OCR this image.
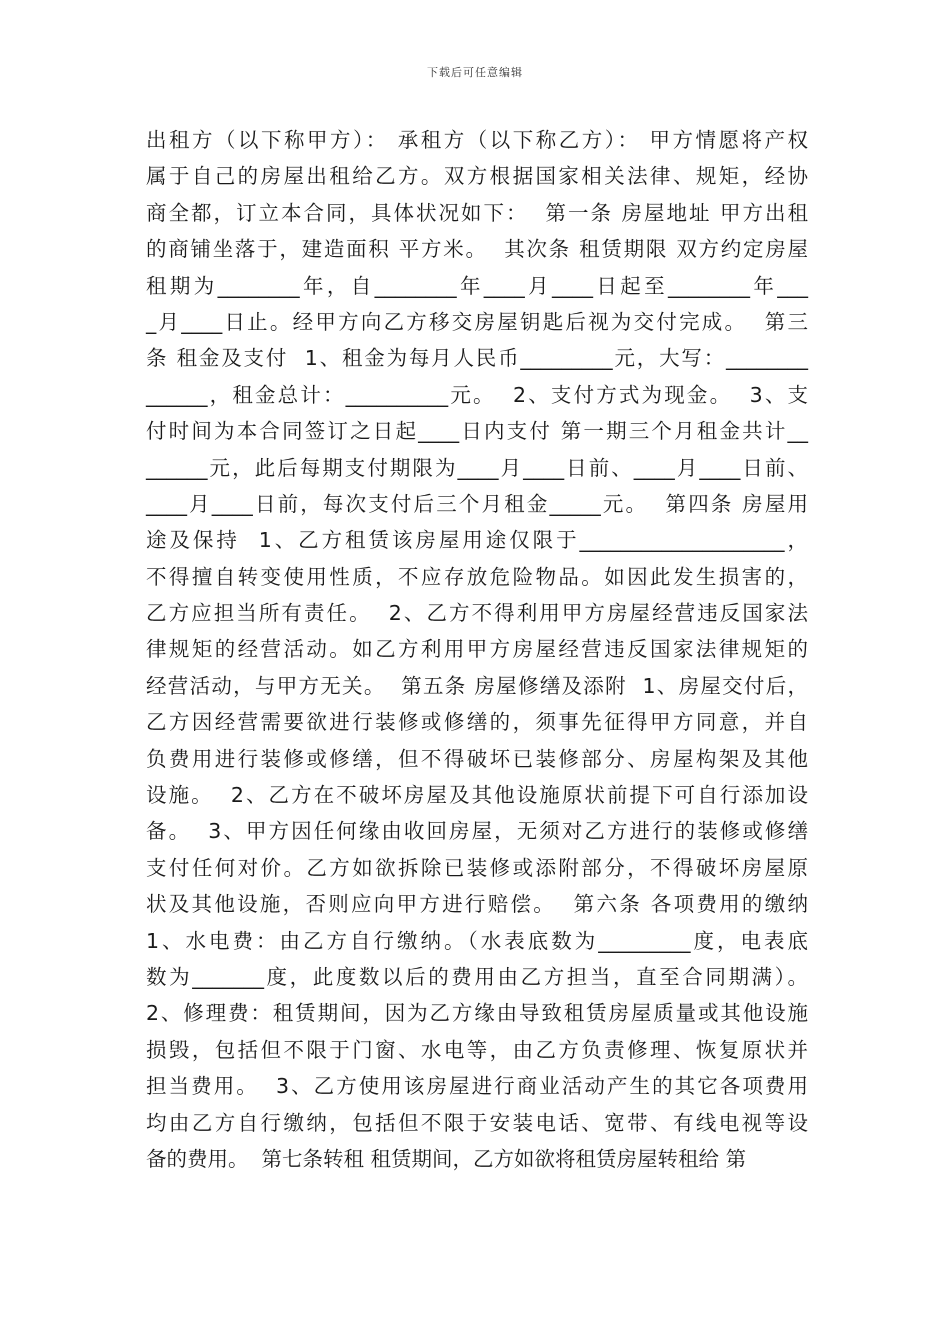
下载后可任意编辑
出租方（以下称甲方）： 承租方（以下称乙方）： 甲方情愿将产权
属于自己的房屋出租给乙方。双方根据国家相关法律、规矩，经协
商全都，订立本合同，具体状况如下：  第一条 房屋地址 甲方出租
的商铺坐落于，建造面积 平方米。  其次条 租赁期限 双方约定房屋
租期为________年，自________年____月____日起至________年___
_月____日止。经甲方向乙方移交房屋钥匙后视为交付完成。  第三
条 租金及支付  1、租金为每月人民币_________元，大写：________
______，租金总计：__________元。  2、支付方式为现金。  3、支
付时间为本合同签订之日起____日内支付 第一期三个月租金共计__
______元，此后每期支付期限为____月____日前、____月____日前、
____月____日前，每次支付后三个月租金_____元。  第四条 房屋用
途及保持  1、乙方租赁该房屋用途仅限于____________________，
不得擅自转变使用性质，不应存放危险物品。如因此发生损害的，
乙方应担当所有责任。  2、乙方不得利用甲方房屋经营违反国家法
律规矩的经营活动。如乙方利用甲方房屋经营违反国家法律规矩的
经营活动，与甲方无关。  第五条 房屋修缮及添附  1、房屋交付后，
乙方因经营需要欲进行装修或修缮的，须事先征得甲方同意，并自
负费用进行装修或修缮，但不得破坏已装修部分、房屋构架及其他
设施。  2、乙方在不破坏房屋及其他设施原状前提下可自行添加设
备。  3、甲方因任何缘由收回房屋，无须对乙方进行的装修或修缮
支付任何对价。乙方如欲拆除已装修或添附部分，不得破坏房屋原
状及其他设施，否则应向甲方进行赔偿。  第六条 各项费用的缴纳
1、水电费：由乙方自行缴纳。（水表底数为_________度，电表底
数为_______度，此度数以后的费用由乙方担当，直至合同期满）。
2、修理费：租赁期间，因为乙方缘由导致租赁房屋质量或其他设施
损毁，包括但不限于门窗、水电等，由乙方负责修理、恢复原状并
担当费用。  3、乙方使用该房屋进行商业活动产生的其它各项费用
均由乙方自行缴纳，包括但不限于安装电话、宽带、有线电视等设
备的费用。  第七条转租 租赁期间，乙方如欲将租赁房屋转租给 第
